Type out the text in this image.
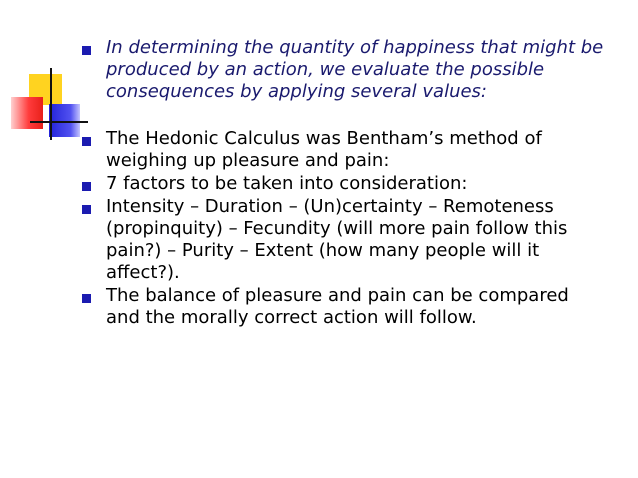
In determining the quantity of happiness that might be produced by an action, we evaluate the possible consequences by applying several values:
The Hedonic Calculus was Bentham’s method of weighing up pleasure and pain:
7 factors to be taken into consideration:
Intensity – Duration – (Un)certainty – Remoteness (propinquity) – Fecundity (will more pain follow this pain?) – Purity – Extent (how many people will it affect?).
The balance of pleasure and pain can be compared and the morally correct action will follow.
